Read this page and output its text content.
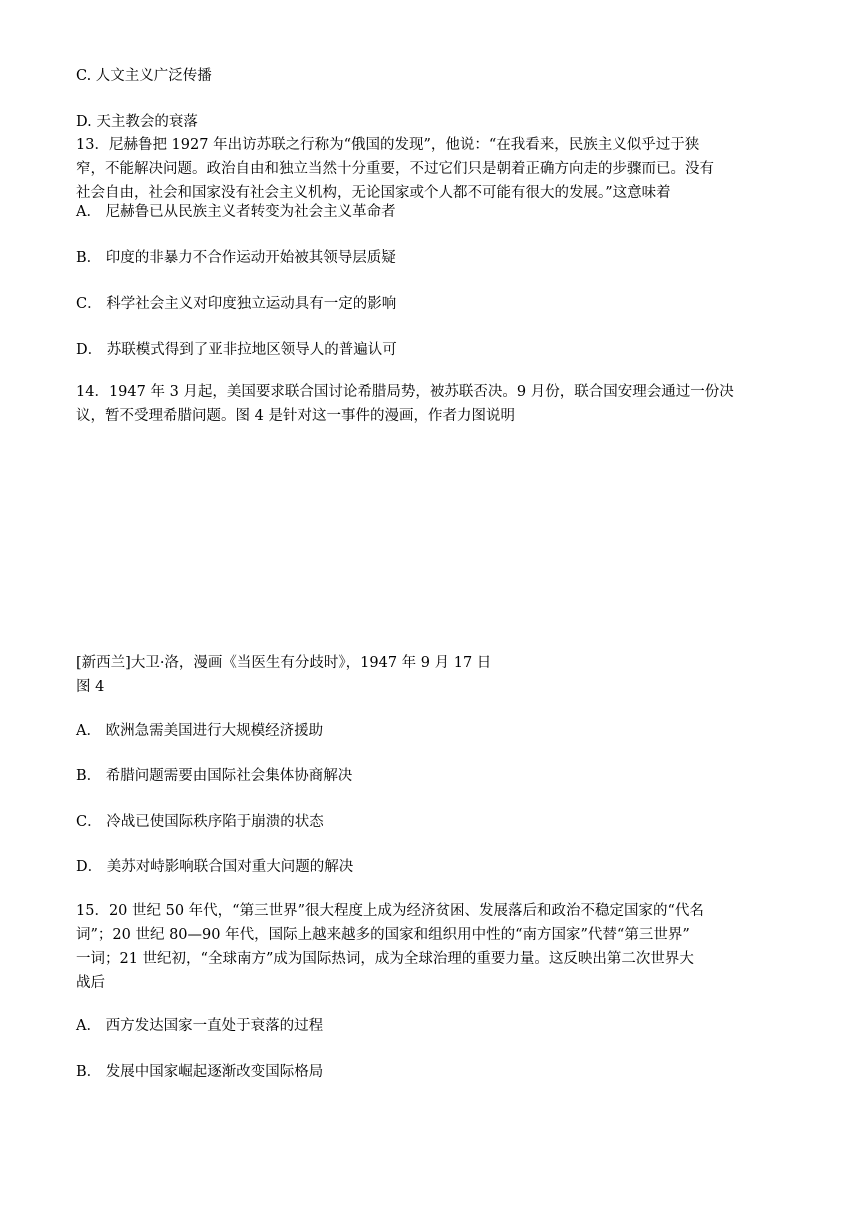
C. 人文主义广泛传播
D. 天主教会的衰落
13．尼赫鲁把 1927 年出访苏联之行称为“俄国的发现”，他说：“在我看来，民族主义似乎过于狭
窄，不能解决问题。政治自由和独立当然十分重要，不过它们只是朝着正确方向走的步骤而已。没有
社会自由，社会和国家没有社会主义机构，无论国家或个人都不可能有很大的发展。”这意味着
A． 尼赫鲁已从民族主义者转变为社会主义革命者
B． 印度的非暴力不合作运动开始被其领导层质疑
C． 科学社会主义对印度独立运动具有一定的影响
D． 苏联模式得到了亚非拉地区领导人的普遍认可
14．1947 年 3 月起，美国要求联合国讨论希腊局势，被苏联否决。9 月份，联合国安理会通过一份决
议，暂不受理希腊问题。图 4 是针对这一事件的漫画，作者力图说明
[新西兰]大卫·洛，漫画《当医生有分歧时》，1947 年 9 月 17 日
图 4
A． 欧洲急需美国进行大规模经济援助
B． 希腊问题需要由国际社会集体协商解决
C． 冷战已使国际秩序陷于崩溃的状态
D． 美苏对峙影响联合国对重大问题的解决
15．20 世纪 50 年代，“第三世界”很大程度上成为经济贫困、发展落后和政治不稳定国家的“代名
词”；20 世纪 80—90 年代，国际上越来越多的国家和组织用中性的“南方国家”代替“第三世界”
一词；21 世纪初，“全球南方”成为国际热词，成为全球治理的重要力量。这反映出第二次世界大
战后
A． 西方发达国家一直处于衰落的过程
B． 发展中国家崛起逐渐改变国际格局
